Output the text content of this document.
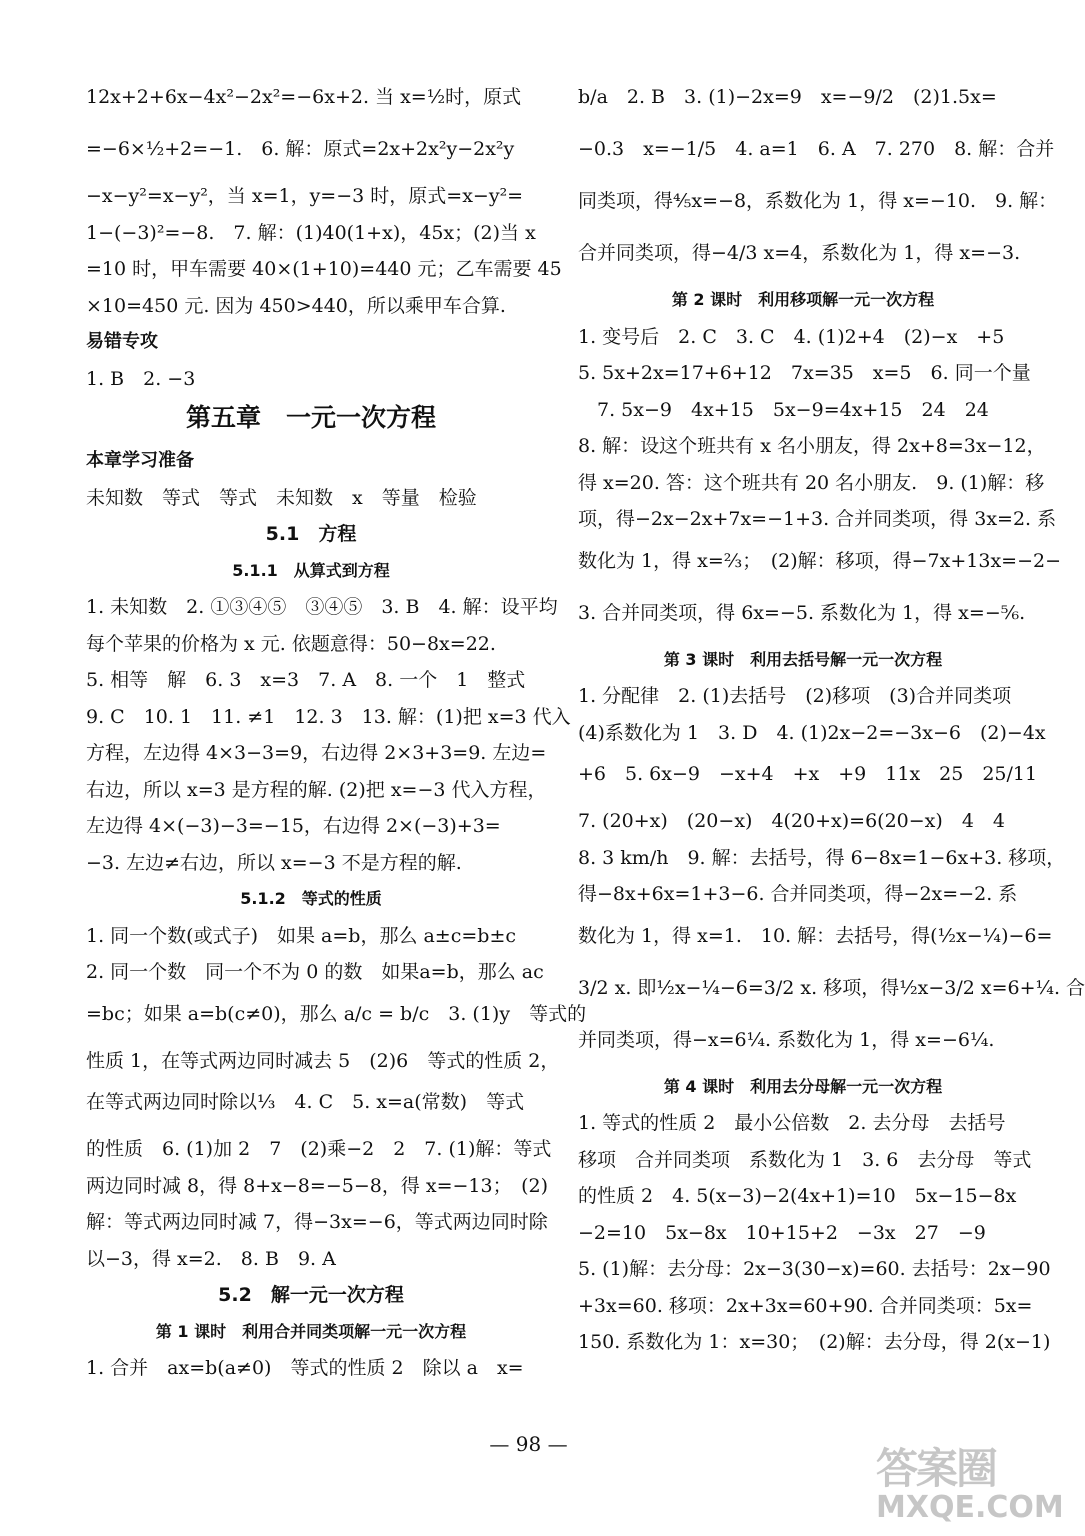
12x+2+6x−4x²−2x²=−6x+2. 当 x=½时，原式
=−6×½+2=−1.　6. 解：原式=2x+2x²y−2x²y
−x−y²=x−y²，当 x=1，y=−3 时，原式=x−y²=
1−(−3)²=−8.　7. 解：(1)40(1+x)，45x；(2)当 x
=10 时，甲车需要 40×(1+10)=440 元；乙车需要 45
×10=450 元. 因为 450>440，所以乘甲车合算.
易错专攻
1. B　2. −3
第五章　一元一次方程
本章学习准备
未知数　等式　等式　未知数　x　等量　检验
5.1　方程
5.1.1　从算式到方程
1. 未知数　2. ①③④⑤　③④⑤　3. B　4. 解：设平均
每个苹果的价格为 x 元. 依题意得：50−8x=22.
5. 相等　解　6. 3　x=3　7. A　8. 一个　1　整式
9. C　10. 1　11. ≠1　12. 3　13. 解：(1)把 x=3 代入
方程，左边得 4×3−3=9，右边得 2×3+3=9. 左边=
右边，所以 x=3 是方程的解. (2)把 x=−3 代入方程，
左边得 4×(−3)−3=−15，右边得 2×(−3)+3=
−3. 左边≠右边，所以 x=−3 不是方程的解.
5.1.2　等式的性质
1. 同一个数(或式子)　如果 a=b，那么 a±c=b±c
2. 同一个数　同一个不为 0 的数　如果a=b，那么 ac
=bc；如果 a=b(c≠0)，那么 a/c = b/c　3. (1)y　等式的
性质 1，在等式两边同时减去 5　(2)6　等式的性质 2，
在等式两边同时除以⅓　4. C　5. x=a(常数)　等式
的性质　6. (1)加 2　7　(2)乘−2　2　7. (1)解：等式
两边同时减 8，得 8+x−8=−5−8，得 x=−13；　(2)
解：等式两边同时减 7，得−3x=−6，等式两边同时除
以−3，得 x=2.　8. B　9. A
5.2　解一元一次方程
第 1 课时　利用合并同类项解一元一次方程
1. 合并　ax=b(a≠0)　等式的性质 2　除以 a　x=
b/a　2. B　3. (1)−2x=9　x=−9/2　(2)1.5x=
−0.3　x=−1/5　4. a=1　6. A　7. 270　8. 解：合并
同类项，得⅘x=−8，系数化为 1，得 x=−10.　9. 解：
合并同类项，得−4/3 x=4，系数化为 1，得 x=−3.
第 2 课时　利用移项解一元一次方程
1. 变号后　2. C　3. C　4. (1)2+4　(2)−x　+5
5. 5x+2x=17+6+12　7x=35　x=5　6. 同一个量
　7. 5x−9　4x+15　5x−9=4x+15　24　24
8. 解：设这个班共有 x 名小朋友，得 2x+8=3x−12，
得 x=20. 答：这个班共有 20 名小朋友.　9. (1)解：移
项，得−2x−2x+7x=−1+3. 合并同类项，得 3x=2. 系
数化为 1，得 x=⅔；　(2)解：移项，得−7x+13x=−2−
3. 合并同类项，得 6x=−5. 系数化为 1，得 x=−⅚.
第 3 课时　利用去括号解一元一次方程
1. 分配律　2. (1)去括号　(2)移项　(3)合并同类项
(4)系数化为 1　3. D　4. (1)2x−2=−3x−6　(2)−4x
+6　5. 6x−9　−x+4　+x　+9　11x　25　25/11
7. (20+x)　(20−x)　4(20+x)=6(20−x)　4　4
8. 3 km/h　9. 解：去括号，得 6−8x=1−6x+3. 移项，
得−8x+6x=1+3−6. 合并同类项，得−2x=−2. 系
数化为 1，得 x=1.　10. 解：去括号，得(½x−¼)−6=
3/2 x. 即½x−¼−6=3/2 x. 移项，得½x−3/2 x=6+¼. 合
并同类项，得−x=6¼. 系数化为 1，得 x=−6¼.
第 4 课时　利用去分母解一元一次方程
1. 等式的性质 2　最小公倍数　2. 去分母　去括号
移项　合并同类项　系数化为 1　3. 6　去分母　等式
的性质 2　4. 5(x−3)−2(4x+1)=10　5x−15−8x
−2=10　5x−8x　10+15+2　−3x　27　−9
5. (1)解：去分母：2x−3(30−x)=60. 去括号：2x−90
+3x=60. 移项：2x+3x=60+90. 合并同类项：5x=
150. 系数化为 1：x=30；　(2)解：去分母，得 2(x−1)
— 98 —	答案圈
MXQE.COM
